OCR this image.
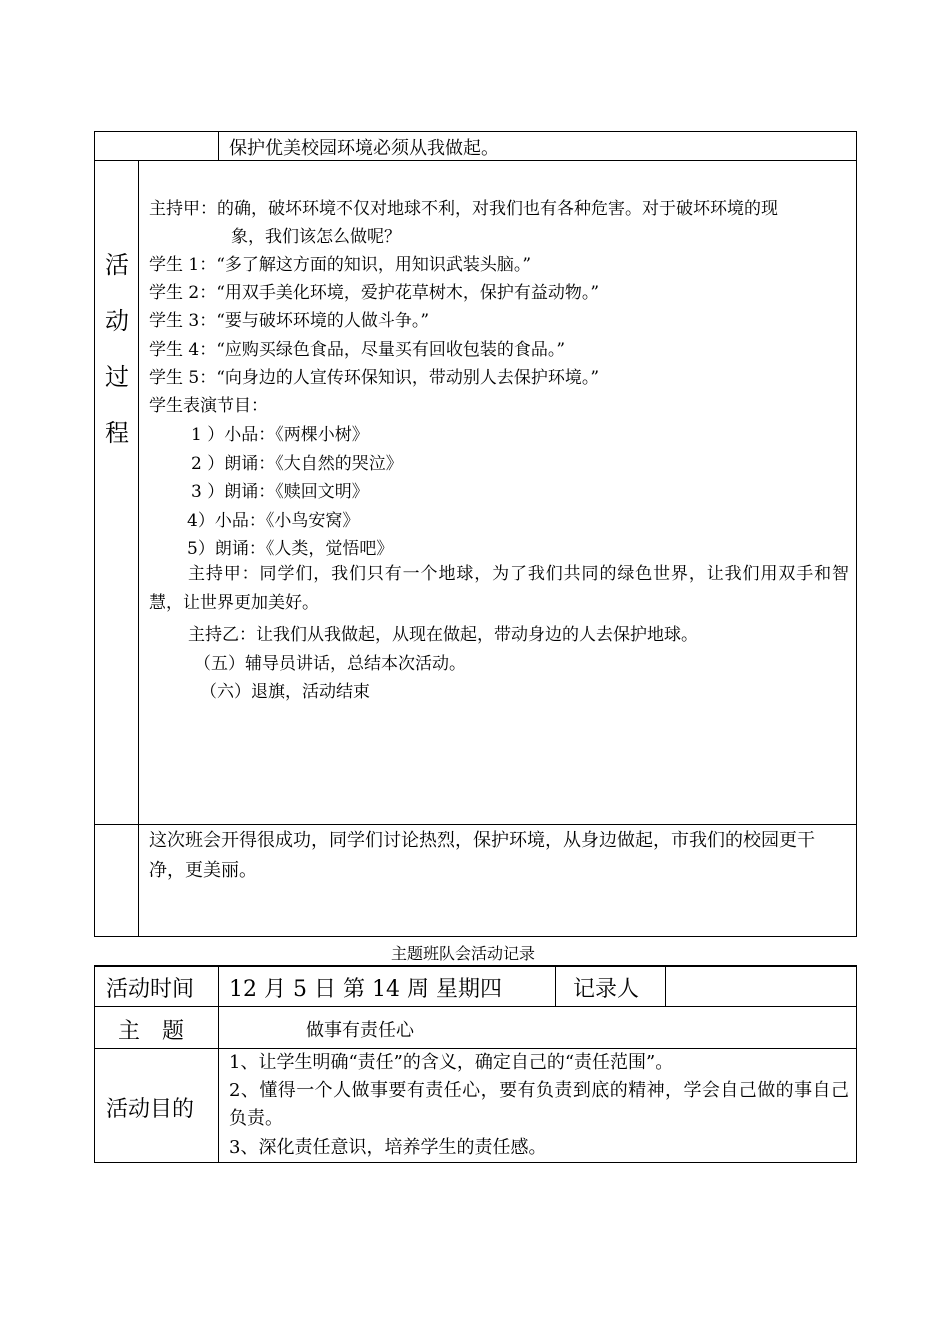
保护优美校园环境必须从我做起。
活
动
过
程
主持甲：的确，破坏环境不仅对地球不利，对我们也有各种危害。对于破坏环境的现
象，我们该怎么做呢？
学生 1：“多了解这方面的知识，用知识武装头脑。”
学生 2：“用双手美化环境，爱护花草树木，保护有益动物。”
学生 3：“要与破坏环境的人做斗争。”
学生 4：“应购买绿色食品，尽量买有回收包装的食品。”
学生 5：“向身边的人宣传环保知识，带动别人去保护环境。”
学生表演节目：
1 ）小品：《两棵小树》
2 ）朗诵：《大自然的哭泣》
3 ）朗诵：《赎回文明》
4）小品：《小鸟安窝》
5）朗诵：《人类，觉悟吧》
主持甲：同学们，我们只有一个地球，为了我们共同的绿色世界，让我们用双手和智慧，让世界更加美好。
主持乙：让我们从我做起，从现在做起，带动身边的人去保护地球。
（五）辅导员讲话，总结本次活动。
（六）退旗，活动结束
这次班会开得很成功，同学们讨论热烈，保护环境，从身边做起，市我们的校园更干净，更美丽。
主题班队会活动记录
活动时间 12 月 5 日 第 14 周 星期四	记录人
主　题	做事有责任心
活动目的
1、让学生明确“责任”的含义，确定自己的“责任范围”。
2、懂得一个人做事要有责任心，要有负责到底的精神，学会自己做的事自己负责。
3、深化责任意识，培养学生的责任感。
